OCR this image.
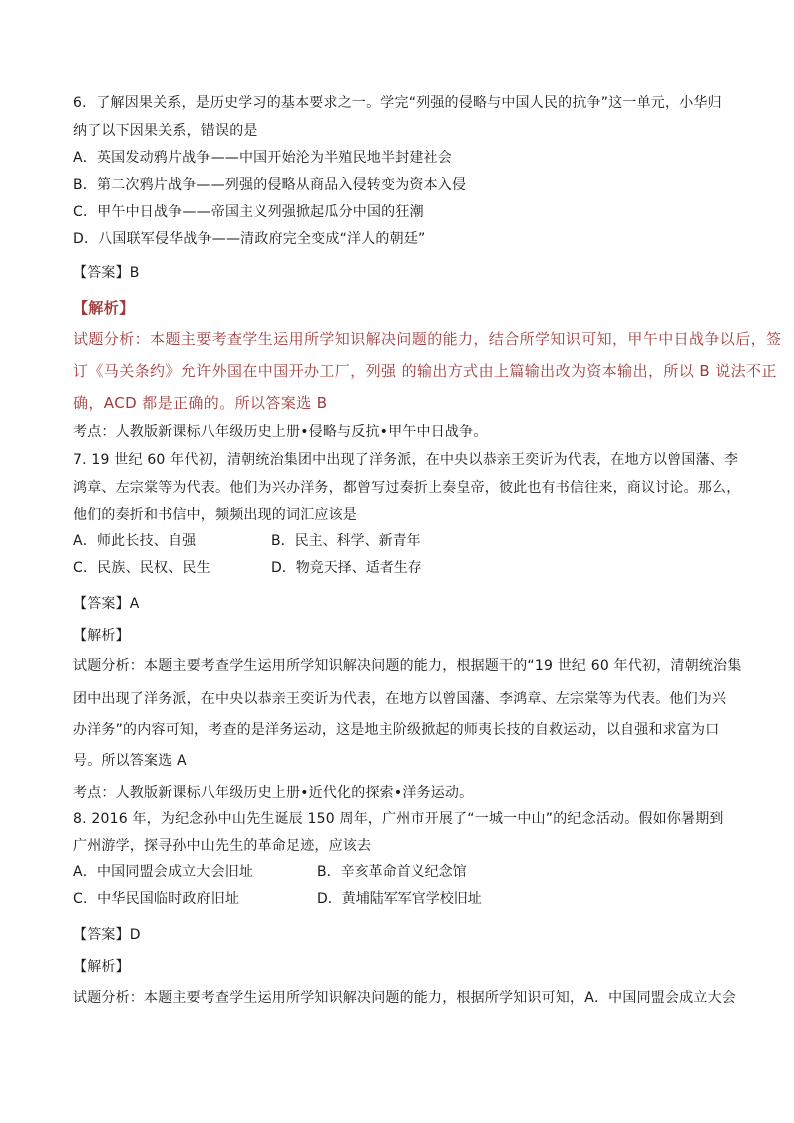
6．了解因果关系，是历史学习的基本要求之一。学完“列强的侵略与中国人民的抗争”这一单元，小华归
纳了以下因果关系，错误的是
A．英国发动鸦片战争——中国开始沦为半殖民地半封建社会
B．第二次鸦片战争——列强的侵略从商品入侵转变为资本入侵
C．甲午中日战争——帝国主义列强掀起瓜分中国的狂潮
D．八国联军侵华战争——清政府完全变成“洋人的朝廷”
【答案】B
【解析】
试题分析：本题主要考查学生运用所学知识解决问题的能力，结合所学知识可知，甲午中日战争以后，签
订《马关条约》允许外国在中国开办工厂，列强 的输出方式由上篇输出改为资本输出，所以 B 说法不正
确，ACD 都是正确的。所以答案选 B
考点：人教版新课标八年级历史上册•侵略与反抗•甲午中日战争。
7. 19 世纪 60 年代初，清朝统治集团中出现了洋务派，在中央以恭亲王奕䜣为代表，在地方以曾国藩、李
鸿章、左宗棠等为代表。他们为兴办洋务，都曾写过奏折上奏皇帝，彼此也有书信往来，商议讨论。那么，
他们的奏折和书信中，频频出现的词汇应该是
A．师此长技、自强	B．民主、科学、新青年
C．民族、民权、民生	D．物竞天择、适者生存
【答案】A
【解析】
试题分析：本题主要考查学生运用所学知识解决问题的能力，根据题干的“19 世纪 60 年代初，清朝统治集
团中出现了洋务派，在中央以恭亲王奕䜣为代表，在地方以曾国藩、李鸿章、左宗棠等为代表。他们为兴
办洋务”的内容可知，考查的是洋务运动，这是地主阶级掀起的师夷长技的自救运动，以自强和求富为口
号。所以答案选 A
考点：人教版新课标八年级历史上册•近代化的探索•洋务运动。
8. 2016 年，为纪念孙中山先生诞辰 150 周年，广州市开展了“一城一中山”的纪念活动。假如你暑期到
广州游学，探寻孙中山先生的革命足迹，应该去
A．中国同盟会成立大会旧址	B．辛亥革命首义纪念馆
C．中华民国临时政府旧址	D．黄埔陆军军官学校旧址
【答案】D
【解析】
试题分析：本题主要考查学生运用所学知识解决问题的能力，根据所学知识可知，A．中国同盟会成立大会
